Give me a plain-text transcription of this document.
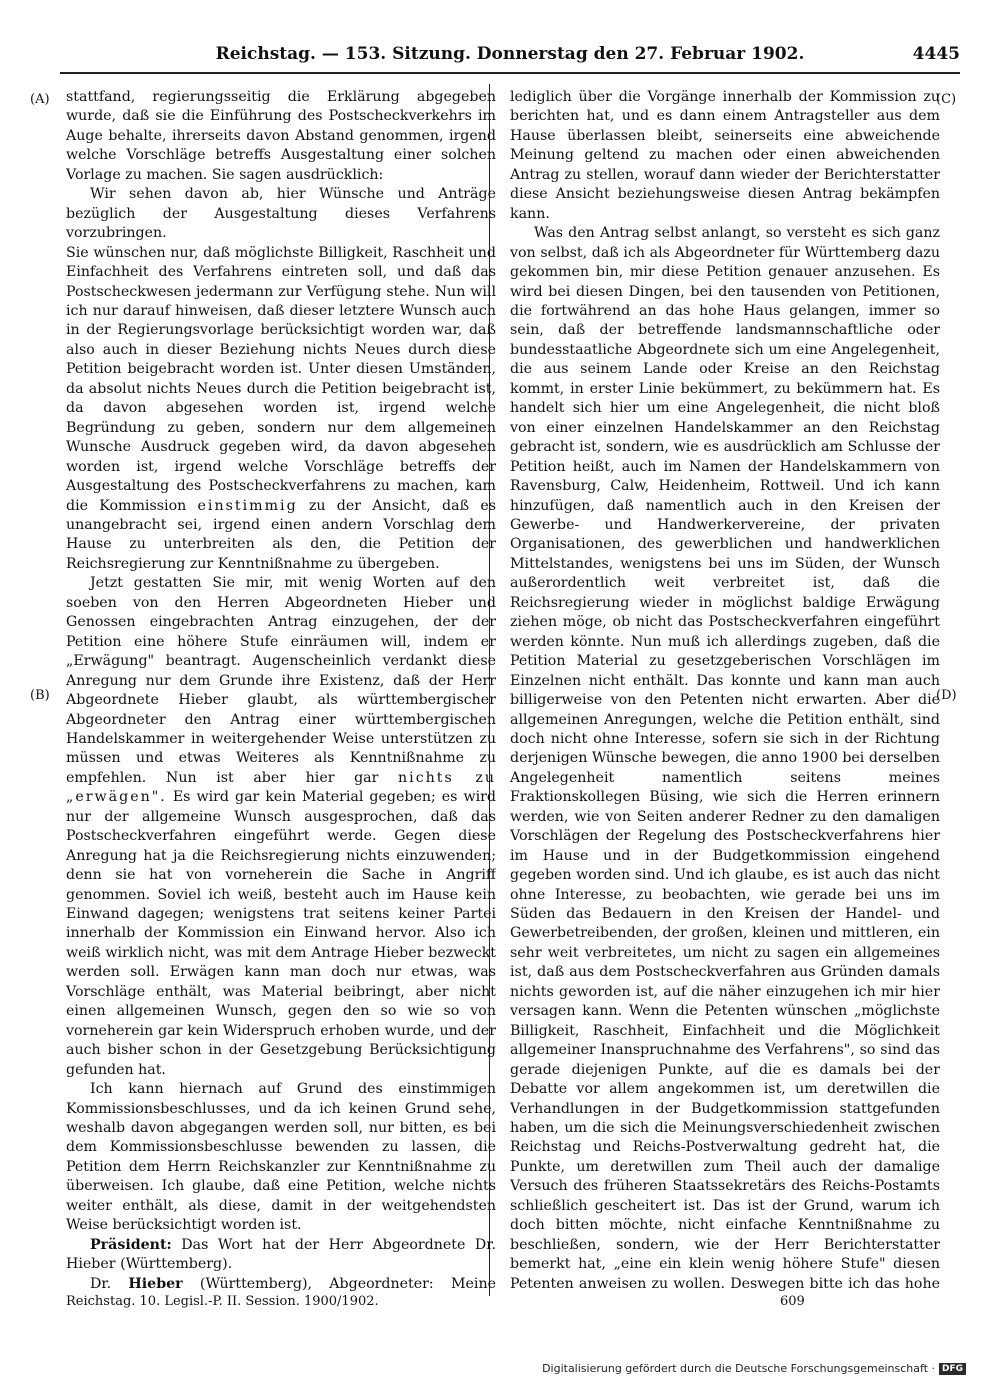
Reichstag. — 153. Sitzung. Donnerstag den 27. Februar 1902.	4445
(A)
(B)
(C)
(D)

stattfand, regierungsseitig die Erklärung abgegeben wurde, daß sie die Einführung des Postscheckverkehrs im Auge behalte, ihrerseits davon Abstand genommen, irgend welche Vorschläge betreffs Ausgestaltung einer solchen Vorlage zu machen. Sie sagen ausdrücklich:

Wir sehen davon ab, hier Wünsche und Anträge bezüglich der Ausgestaltung dieses Verfahrens vorzubringen.

Sie wünschen nur, daß möglichste Billigkeit, Raschheit und Einfachheit des Verfahrens eintreten soll, und daß das Postscheckwesen jedermann zur Verfügung stehe. Nun will ich nur darauf hinweisen, daß dieser letztere Wunsch auch in der Regierungsvorlage berücksichtigt worden war, daß also auch in dieser Beziehung nichts Neues durch diese Petition beigebracht worden ist. Unter diesen Umständen, da absolut nichts Neues durch die Petition beigebracht ist, da davon abgesehen worden ist, irgend welche Begründung zu geben, sondern nur dem allgemeinen Wunsche Ausdruck gegeben wird, da davon abgesehen worden ist, irgend welche Vorschläge betreffs der Ausgestaltung des Postscheckverfahrens zu machen, kam die Kommission einstimmig zu der Ansicht, daß es unangebracht sei, irgend einen andern Vorschlag dem Hause zu unterbreiten als den, die Petition der Reichsregierung zur Kenntnißnahme zu übergeben.

Jetzt gestatten Sie mir, mit wenig Worten auf den soeben von den Herren Abgeordneten Hieber und Genossen eingebrachten Antrag einzugehen, der der Petition eine höhere Stufe einräumen will, indem er „Erwägung" beantragt. Augenscheinlich verdankt diese Anregung nur dem Grunde ihre Existenz, daß der Herr Abgeordnete Hieber glaubt, als württembergischer Abgeordneter den Antrag einer württembergischen Handelskammer in weitergehender Weise unterstützen zu müssen und etwas Weiteres als Kenntnißnahme zu empfehlen. Nun ist aber hier gar nichts zu „erwägen". Es wird gar kein Material gegeben; es wird nur der allgemeine Wunsch ausgesprochen, daß das Postscheckverfahren eingeführt werde. Gegen diese Anregung hat ja die Reichsregierung nichts einzuwenden; denn sie hat von vorneherein die Sache in Angriff genommen. Soviel ich weiß, besteht auch im Hause kein Einwand dagegen; wenigstens trat seitens keiner Partei innerhalb der Kommission ein Einwand hervor. Also ich weiß wirklich nicht, was mit dem Antrage Hieber bezweckt werden soll. Erwägen kann man doch nur etwas, was Vorschläge enthält, was Material beibringt, aber nicht einen allgemeinen Wunsch, gegen den so wie so von vorneherein gar kein Widerspruch erhoben wurde, und der auch bisher schon in der Gesetzgebung Berücksichtigung gefunden hat.

Ich kann hiernach auf Grund des einstimmigen Kommissionsbeschlusses, und da ich keinen Grund sehe, weshalb davon abgegangen werden soll, nur bitten, es bei dem Kommissionsbeschlusse bewenden zu lassen, die Petition dem Herrn Reichskanzler zur Kenntnißnahme zu überweisen. Ich glaube, daß eine Petition, welche nichts weiter enthält, als diese, damit in der weitgehendsten Weise berücksichtigt worden ist.

Präsident: Das Wort hat der Herr Abgeordnete Dr. Hieber (Württemberg).

Dr. Hieber (Württemberg), Abgeordneter: Meine

lediglich über die Vorgänge innerhalb der Kommission zu berichten hat, und es dann einem Antragsteller aus dem Hause überlassen bleibt, seinerseits eine abweichende Meinung geltend zu machen oder einen abweichenden Antrag zu stellen, worauf dann wieder der Berichterstatter diese Ansicht beziehungsweise diesen Antrag bekämpfen kann.

Was den Antrag selbst anlangt, so versteht es sich ganz von selbst, daß ich als Abgeordneter für Württemberg dazu gekommen bin, mir diese Petition genauer anzusehen. Es wird bei diesen Dingen, bei den tausenden von Petitionen, die fortwährend an das hohe Haus gelangen, immer so sein, daß der betreffende landsmannschaftliche oder bundesstaatliche Abgeordnete sich um eine Angelegenheit, die aus seinem Lande oder Kreise an den Reichstag kommt, in erster Linie bekümmert, zu bekümmern hat. Es handelt sich hier um eine Angelegenheit, die nicht bloß von einer einzelnen Handelskammer an den Reichstag gebracht ist, sondern, wie es ausdrücklich am Schlusse der Petition heißt, auch im Namen der Handelskammern von Ravensburg, Calw, Heidenheim, Rottweil. Und ich kann hinzufügen, daß namentlich auch in den Kreisen der Gewerbe- und Handwerkervereine, der privaten Organisationen, des gewerblichen und handwerklichen Mittelstandes, wenigstens bei uns im Süden, der Wunsch außerordentlich weit verbreitet ist, daß die Reichsregierung wieder in möglichst baldige Erwägung ziehen möge, ob nicht das Postscheckverfahren eingeführt werden könnte. Nun muß ich allerdings zugeben, daß die Petition Material zu gesetzgeberischen Vorschlägen im Einzelnen nicht enthält. Das konnte und kann man auch billigerweise von den Petenten nicht erwarten. Aber die allgemeinen Anregungen, welche die Petition enthält, sind doch nicht ohne Interesse, sofern sie sich in der Richtung derjenigen Wünsche bewegen, die anno 1900 bei derselben Angelegenheit namentlich seitens meines Fraktionskollegen Büsing, wie sich die Herren erinnern werden, wie von Seiten anderer Redner zu den damaligen Vorschlägen der Regelung des Postscheckverfahrens hier im Hause und in der Budgetkommission eingehend gegeben worden sind. Und ich glaube, es ist auch das nicht ohne Interesse, zu beobachten, wie gerade bei uns im Süden das Bedauern in den Kreisen der Handel- und Gewerbetreibenden, der großen, kleinen und mittleren, ein sehr weit verbreitetes, um nicht zu sagen ein allgemeines ist, daß aus dem Postscheckverfahren aus Gründen damals nichts geworden ist, auf die näher einzugehen ich mir hier versagen kann. Wenn die Petenten wünschen „möglichste Billigkeit, Raschheit, Einfachheit und die Möglichkeit allgemeiner Inanspruchnahme des Verfahrens", so sind das gerade diejenigen Punkte, auf die es damals bei der Debatte vor allem angekommen ist, um deretwillen die Verhandlungen in der Budgetkommission stattgefunden haben, um die sich die Meinungsverschiedenheit zwischen Reichstag und Reichs-Postverwaltung gedreht hat, die Punkte, um deretwillen zum Theil auch der damalige Versuch des früheren Staatssekretärs des Reichs-Postamts schließlich gescheitert ist. Das ist der Grund, warum ich doch bitten möchte, nicht einfache Kenntnißnahme zu beschließen, sondern, wie der Herr Berichterstatter bemerkt hat, „eine ein klein wenig höhere Stufe" diesen Petenten anweisen zu wollen. Deswegen bitte ich das hohe

Reichstag. 10. Legisl.-P. II. Session. 1900/1902.	609
Digitalisierung gefördert durch die Deutsche Forschungsgemeinschaft · DFG
